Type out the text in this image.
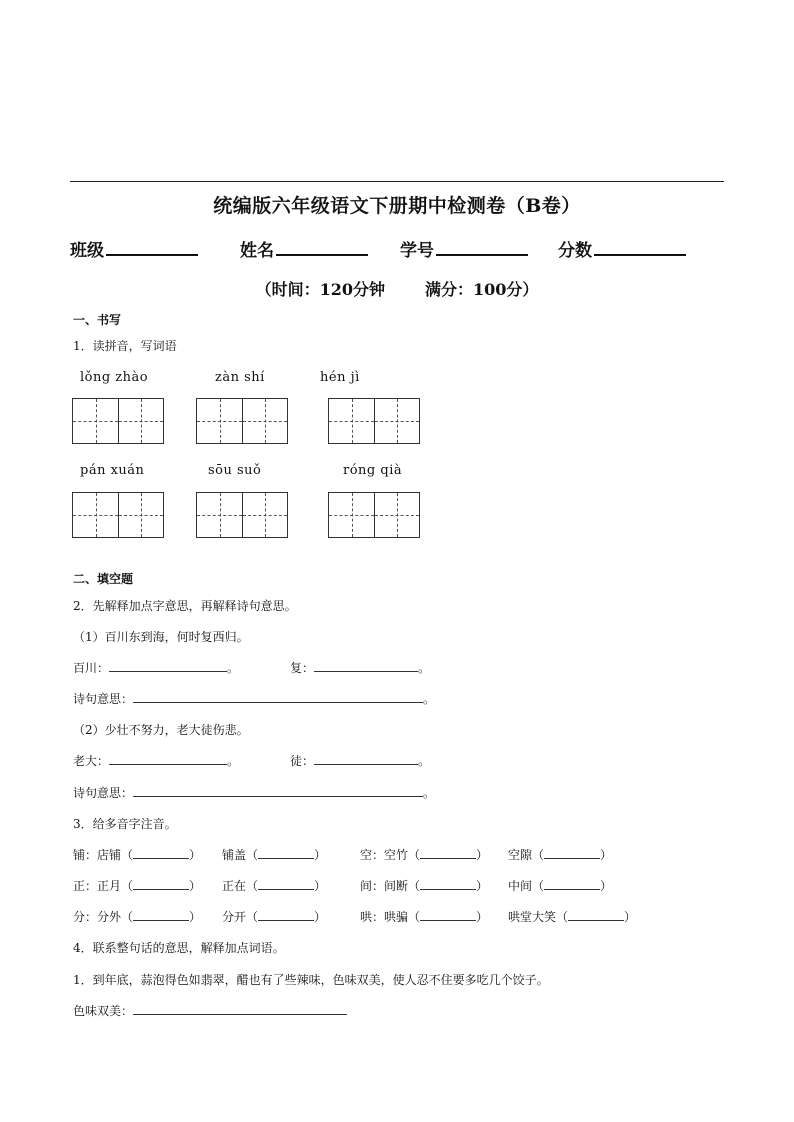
统编版六年级语文下册期中检测卷（B卷）
班级	姓名	学号	分数
（时间：120分钟	满分：100分）
一、书写
1．读拼音，写词语
lǒng zhào	zàn shí	hén jì
pán xuán	sōu suǒ	róng qià
二、填空题
2．先解释加点字意思，再解释诗句意思。
（1）百川东到海，何时复西归。
百川：	。	复：	。
诗句意思：	。
（2）少壮不努力，老大徒伤悲。
老大：	。	徒：	。
诗句意思：	。
3．给多音字注音。
铺：店铺（	） 铺盖（	）	空：空竹（	） 空隙（	）
正：正月（	） 正在（	）	间：间断（	） 中间（	）
分：分外（	） 分开（	）	哄：哄骗（	） 哄堂大笑（	）
4．联系整句话的意思，解释加点词语。
1．到年底，蒜泡得色如翡翠，醋也有了些辣味，色味双美，使人忍不住要多吃几个饺子。
色味双美：
